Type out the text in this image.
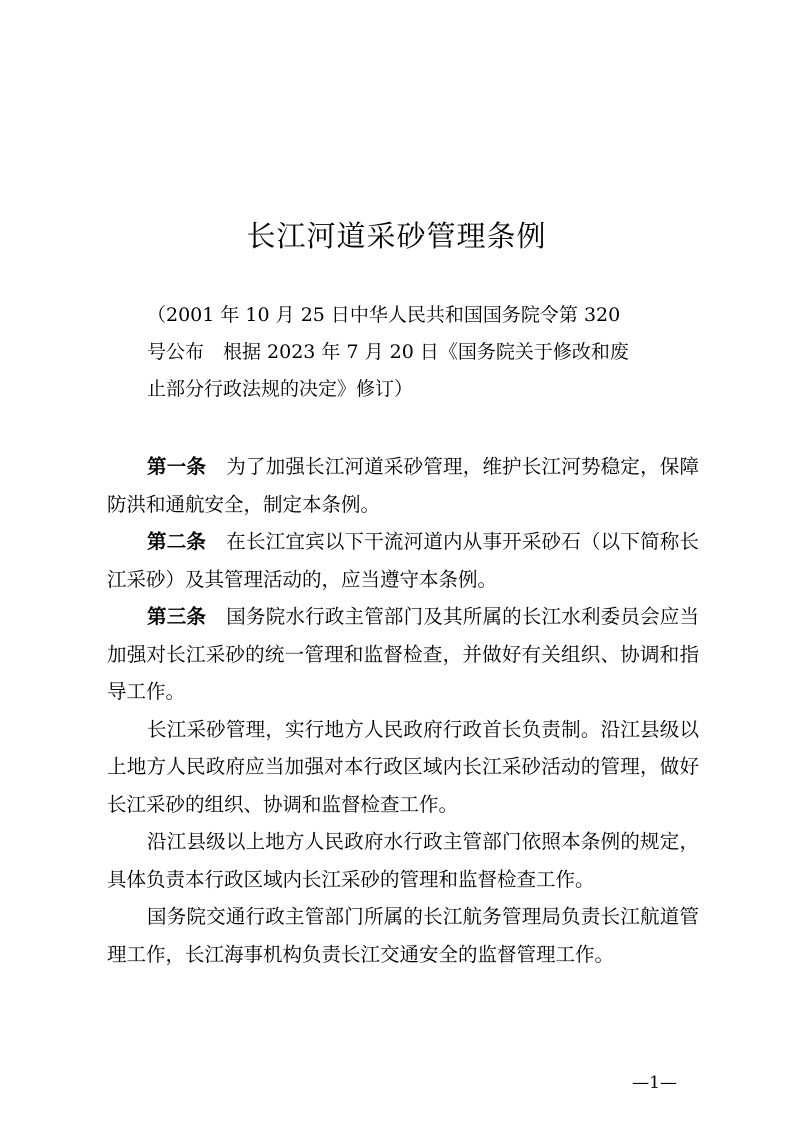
长江河道采砂管理条例
（2001 年 10 月 25 日中华人民共和国国务院令第 320
号公布　根据 2023 年 7 月 20 日《国务院关于修改和废
止部分行政法规的决定》修订）

第一条 为了加强长江河道采砂管理，维护长江河势稳定，保障防洪和通航安全，制定本条例。

第二条 在长江宜宾以下干流河道内从事开采砂石（以下简称长江采砂）及其管理活动的，应当遵守本条例。

第三条 国务院水行政主管部门及其所属的长江水利委员会应当加强对长江采砂的统一管理和监督检查，并做好有关组织、协调和指导工作。

长江采砂管理，实行地方人民政府行政首长负责制。沿江县级以上地方人民政府应当加强对本行政区域内长江采砂活动的管理，做好长江采砂的组织、协调和监督检查工作。

沿江县级以上地方人民政府水行政主管部门依照本条例的规定，具体负责本行政区域内长江采砂的管理和监督检查工作。

国务院交通行政主管部门所属的长江航务管理局负责长江航道管理工作，长江海事机构负责长江交通安全的监督管理工作。

—1—
